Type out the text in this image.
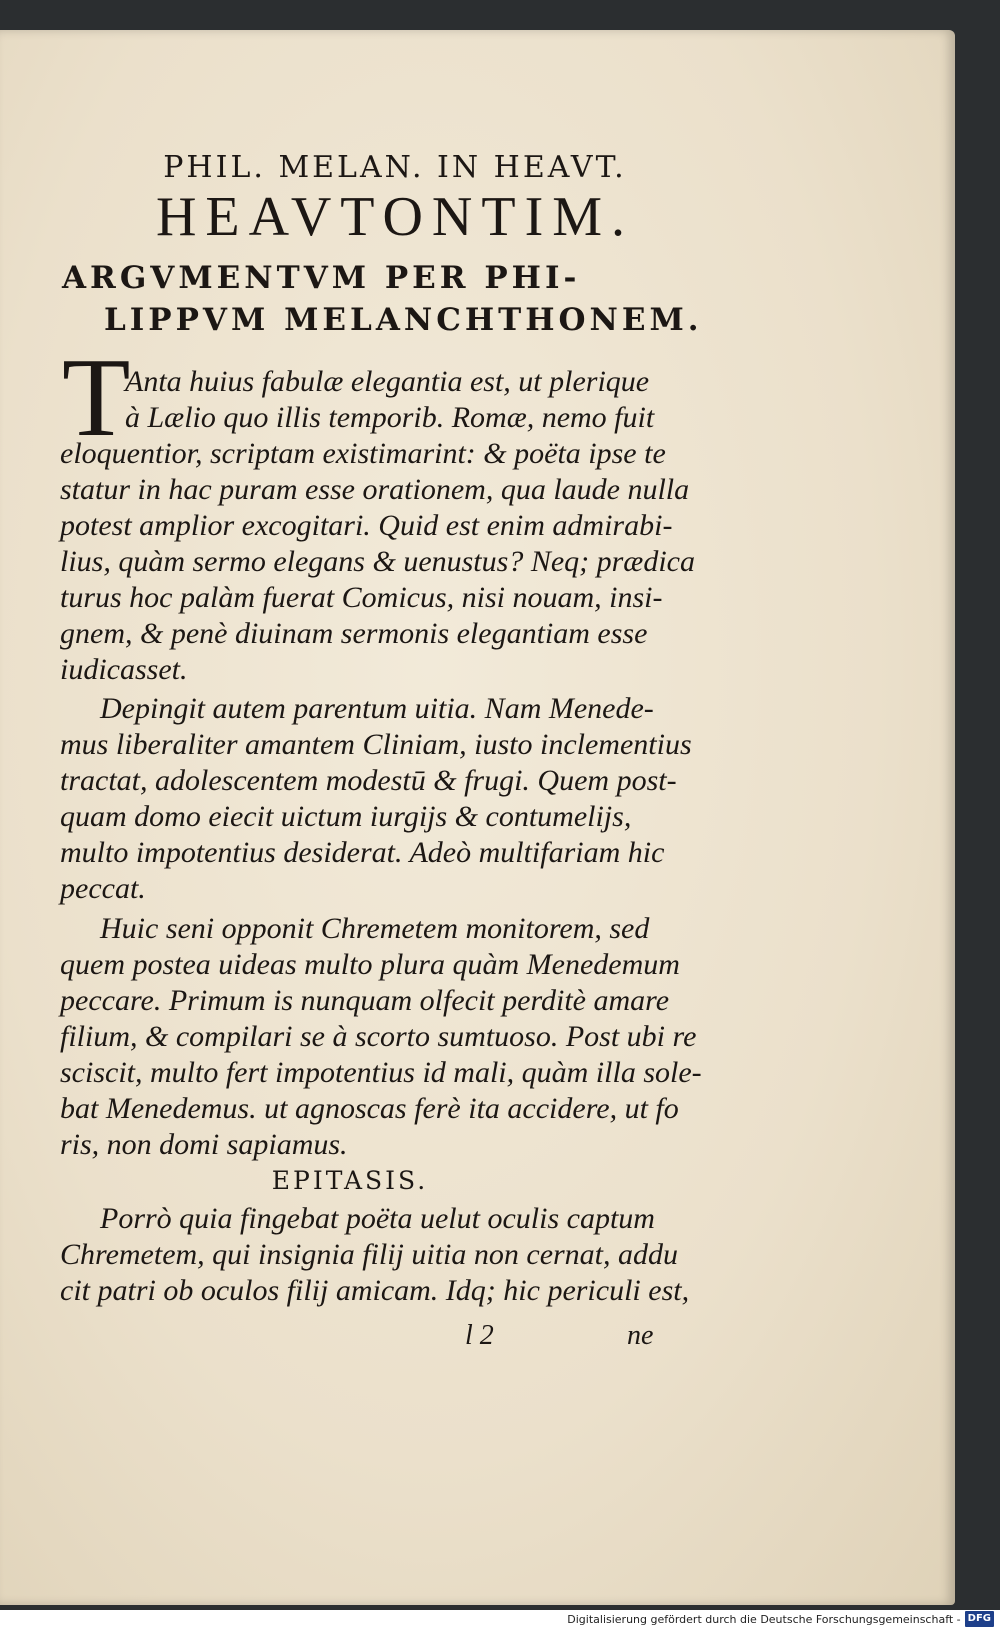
PHIL. MELAN. IN HEAVT.
HEAVTONTIM.
ARGVMENTVM PER PHI-
LIPPVM MELANCHTHONEM.
T
Anta huius fabulæ elegantia est, ut plerique
à Lælio quo illis temporib. Romæ, nemo fuit
eloquentior, scriptam existimarint: & poëta ipse te
statur in hac puram esse orationem, qua laude nulla
potest amplior excogitari. Quid est enim admirabi-
lius, quàm sermo elegans & uenustus? Neq; prædica
turus hoc palàm fuerat Comicus, nisi nouam, insi-
gnem, & penè diuinam sermonis elegantiam esse
iudicasset.
Depingit autem parentum uitia. Nam Menede-
mus liberaliter amantem Cliniam, iusto inclementius
tractat, adolescentem modestū & frugi. Quem post-
quam domo eiecit uictum iurgijs & contumelijs,
multo impotentius desiderat. Adeò multifariam hic
peccat.
Huic seni opponit Chremetem monitorem, sed
quem postea uideas multo plura quàm Menedemum
peccare. Primum is nunquam olfecit perditè amare
filium, & compilari se à scorto sumtuoso. Post ubi re
sciscit, multo fert impotentius id mali, quàm illa sole-
bat Menedemus. ut agnoscas ferè ita accidere, ut fo
ris, non domi sapiamus.
EPITASIS.
Porrò quia fingebat poëta uelut oculis captum
Chremetem, qui insignia filij uitia non cernat, addu
cit patri ob oculos filij amicam. Idq; hic periculi est,
l 2	ne
Digitalisierung gefördert durch die Deutsche Forschungsgemeinschaft - DFG
